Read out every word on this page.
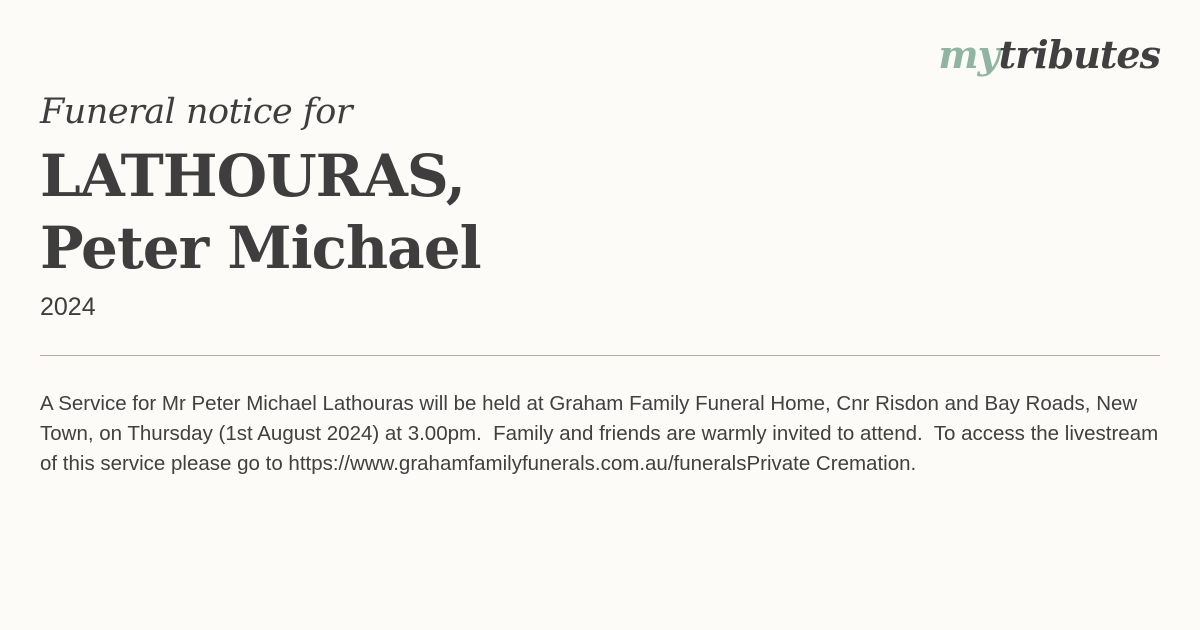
mytributes
Funeral notice for
LATHOURAS,
Peter Michael
2024
A Service for Mr Peter Michael Lathouras will be held at Graham Family Funeral Home, Cnr Risdon and Bay Roads, New Town, on Thursday (1st August 2024) at 3.00pm.  Family and friends are warmly invited to attend.  To access the livestream of this service please go to https://www.grahamfamilyfunerals.com.au/funeralsPrivate Cremation.
